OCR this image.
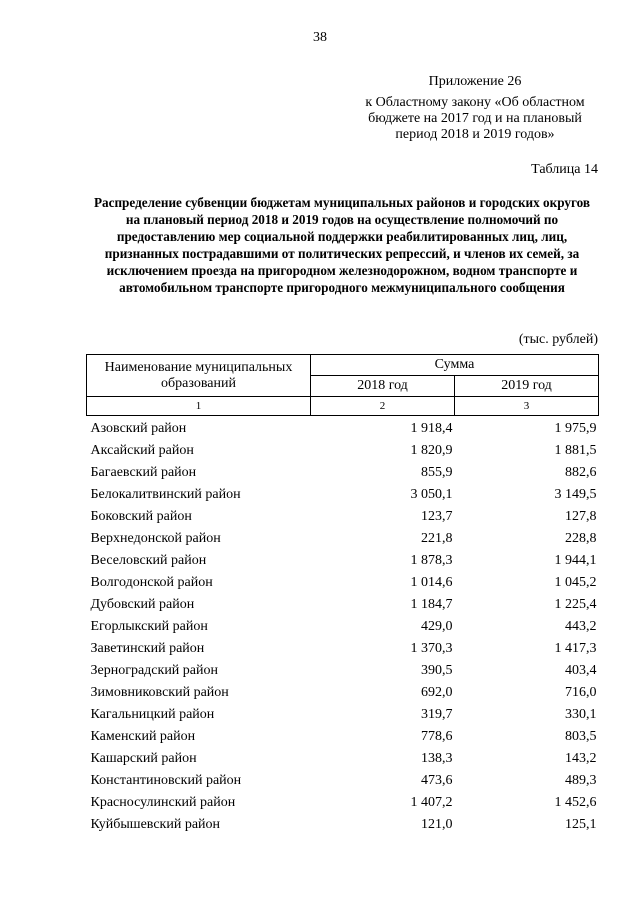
38
Приложение 26
к Областному закону «Об областном бюджете на 2017 год и на плановый период 2018 и 2019 годов»
Таблица 14
Распределение субвенции бюджетам муниципальных районов и городских округов на плановый период 2018 и 2019 годов на осуществление полномочий по предоставлению мер социальной поддержки реабилитированных лиц, лиц, признанных пострадавшими от политических репрессий, и членов их семей, за исключением проезда на пригородном железнодорожном, водном транспорте и автомобильном транспорте пригородного межмуниципального сообщения
(тыс. рублей)
Наименование муниципальных образований	Сумма	
	2018 год	2019 год
1	2	3
Азовский район	1 918,4	1 975,9
Аксайский район	1 820,9	1 881,5
Багаевский район	855,9	882,6
Белокалитвинский район	3 050,1	3 149,5
Боковский район	123,7	127,8
Верхнедонской район	221,8	228,8
Веселовский район	1 878,3	1 944,1
Волгодонской район	1 014,6	1 045,2
Дубовский район	1 184,7	1 225,4
Егорлыкский район	429,0	443,2
Заветинский район	1 370,3	1 417,3
Зерноградский район	390,5	403,4
Зимовниковский район	692,0	716,0
Кагальницкий район	319,7	330,1
Каменский район	778,6	803,5
Кашарский район	138,3	143,2
Константиновский район	473,6	489,3
Красносулинский район	1 407,2	1 452,6
Куйбышевский район	121,0	125,1
